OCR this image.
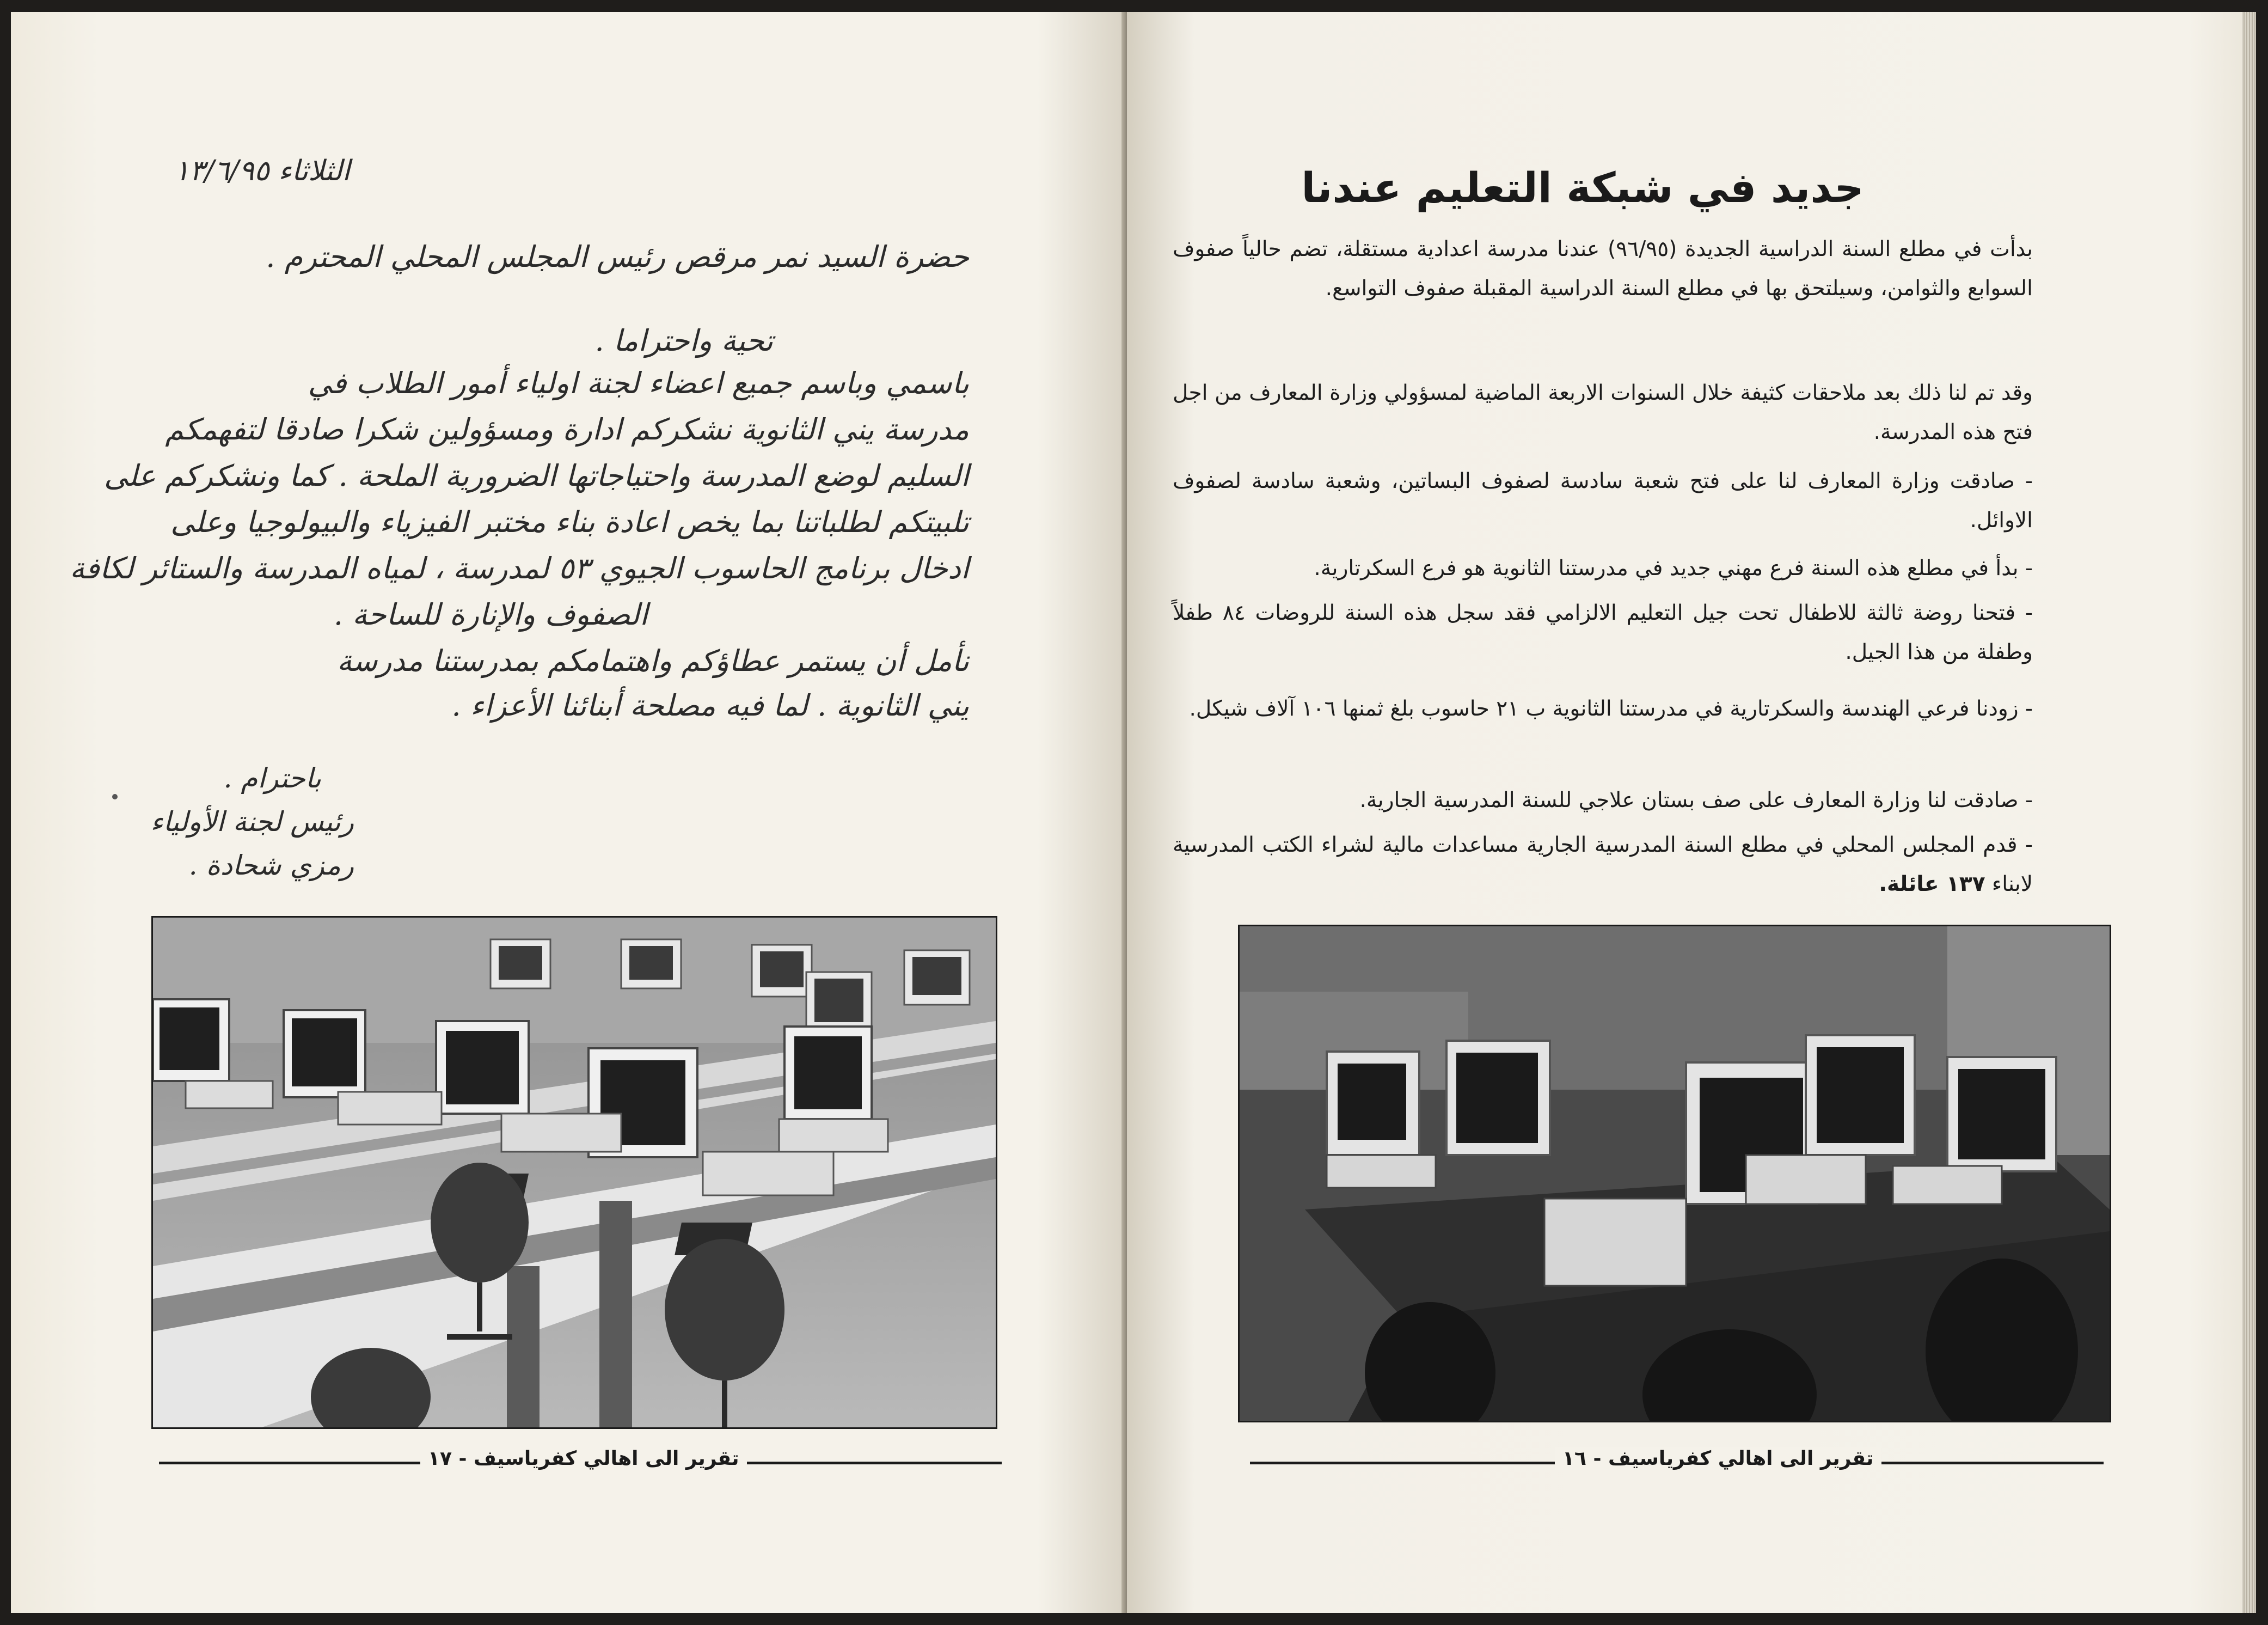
الثلاثاء ١٣/٦/٩٥
حضرة السيد نمر مرقص رئيس المجلس المحلي المحترم .
تحية واحتراما .
باسمي وباسم جميع اعضاء لجنة اولياء أمور الطلاب في
مدرسة يني الثانوية نشكركم ادارة ومسؤولين شكرا صادقا لتفهمكم
السليم لوضع المدرسة واحتياجاتها الضرورية الملحة . كما ونشكركم على
تلبيتكم لطلباتنا بما يخص اعادة بناء مختبر الفيزياء والبيولوجيا وعلى
ادخال برنامج الحاسوب الجيوي ٥٣ لمدرسة ، لمياه المدرسة والستائر لكافة
الصفوف والإنارة للساحة .
نأمل أن يستمر عطاؤكم واهتمامكم بمدرستنا مدرسة
يني الثانوية . لما فيه مصلحة أبنائنا الأعزاء .
باحترام .
رئيس لجنة الأولياء
رمزي شحادة .
تقرير الى اهالي كفرياسيف - ١٧
جديد في شبكة التعليم عندنا
بدأت في مطلع السنة الدراسية الجديدة (٩٦/٩٥) عندنا مدرسة اعدادية مستقلة، تضم حالياً صفوف السوابع والثوامن، وسيلتحق بها في مطلع السنة الدراسية المقبلة صفوف التواسع.
وقد تم لنا ذلك بعد ملاحقات كثيفة خلال السنوات الاربعة الماضية لمسؤولي وزارة المعارف من اجل فتح هذه المدرسة.
- صادقت وزارة المعارف لنا على فتح شعبة سادسة لصفوف البساتين، وشعبة سادسة لصفوف الاوائل.
- بدأ في مطلع هذه السنة فرع مهني جديد في مدرستنا الثانوية هو فرع السكرتارية.
- فتحنا روضة ثالثة للاطفال تحت جيل التعليم الالزامي فقد سجل هذه السنة للروضات ٨٤ طفلاً وطفلة من هذا الجيل.
- زودنا فرعي الهندسة والسكرتارية في مدرستنا الثانوية ب ٢١ حاسوب بلغ ثمنها ١٠٦ آلاف شيكل.
- صادقت لنا وزارة المعارف على صف بستان علاجي للسنة المدرسية الجارية.
- قدم المجلس المحلي في مطلع السنة المدرسية الجارية مساعدات مالية لشراء الكتب المدرسية لابناء ١٣٧ عائلة.
تقرير الى اهالي كفرياسيف - ١٦
